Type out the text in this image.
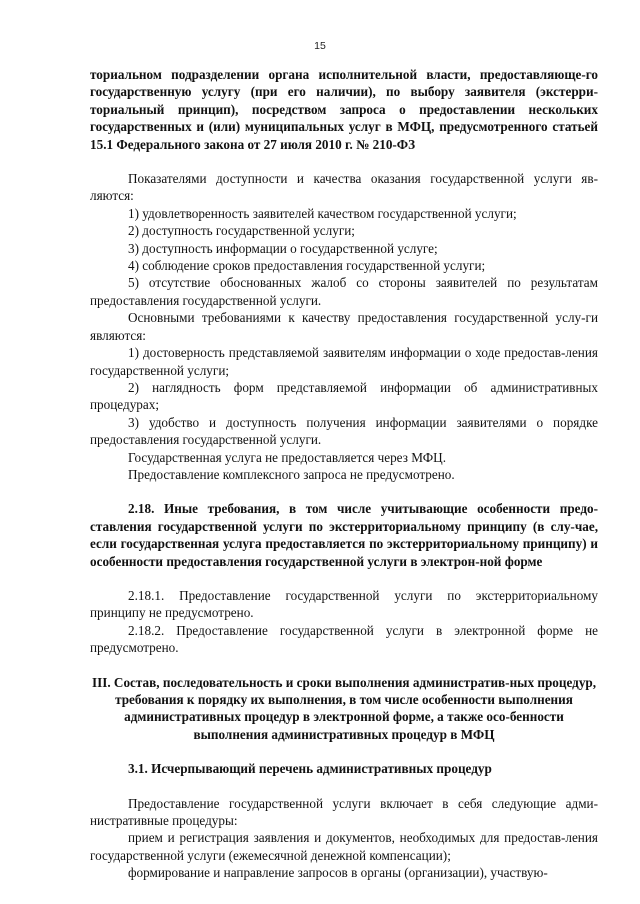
15

ториальном подразделении органа исполнительной власти, предоставляюще-го государственную услугу (при его наличии), по выбору заявителя (экстерри-ториальный принцип), посредством запроса о предоставлении нескольких государственных и (или) муниципальных услуг в МФЦ, предусмотренного статьей 15.1 Федерального закона от 27 июля 2010 г. № 210-ФЗ

Показателями доступности и качества оказания государственной услуги яв-ляются:

1) удовлетворенность заявителей качеством государственной услуги;

2) доступность государственной услуги;

3) доступность информации о государственной услуге;

4) соблюдение сроков предоставления государственной услуги;

5) отсутствие обоснованных жалоб со стороны заявителей по результатам предоставления государственной услуги.

Основными требованиями к качеству предоставления государственной услу-ги являются:

1) достоверность представляемой заявителям информации о ходе предостав-ления государственной услуги;

2) наглядность форм представляемой информации об административных процедурах;

3) удобство и доступность получения информации заявителями о порядке предоставления государственной услуги.

Государственная услуга не предоставляется через МФЦ.

Предоставление комплексного запроса не предусмотрено.

2.18. Иные требования, в том числе учитывающие особенности предо-ставления государственной услуги по экстерриториальному принципу (в слу-чае, если государственная услуга предоставляется по экстерриториальному принципу) и особенности предоставления государственной услуги в электрон-ной форме

2.18.1. Предоставление государственной услуги по экстерриториальному принципу не предусмотрено.

2.18.2. Предоставление государственной услуги в электронной форме не предусмотрено.

III. Состав, последовательность и сроки выполнения административ-ных процедур, требования к порядку их выполнения, в том числе особенности выполнения административных процедур в электронной форме, а также осо-бенности выполнения административных процедур в МФЦ

3.1. Исчерпывающий перечень административных процедур

Предоставление государственной услуги включает в себя следующие адми-нистративные процедуры:

прием и регистрация заявления и документов, необходимых для предостав-ления государственной услуги (ежемесячной денежной компенсации);

формирование и направление запросов в органы (организации), участвую-
